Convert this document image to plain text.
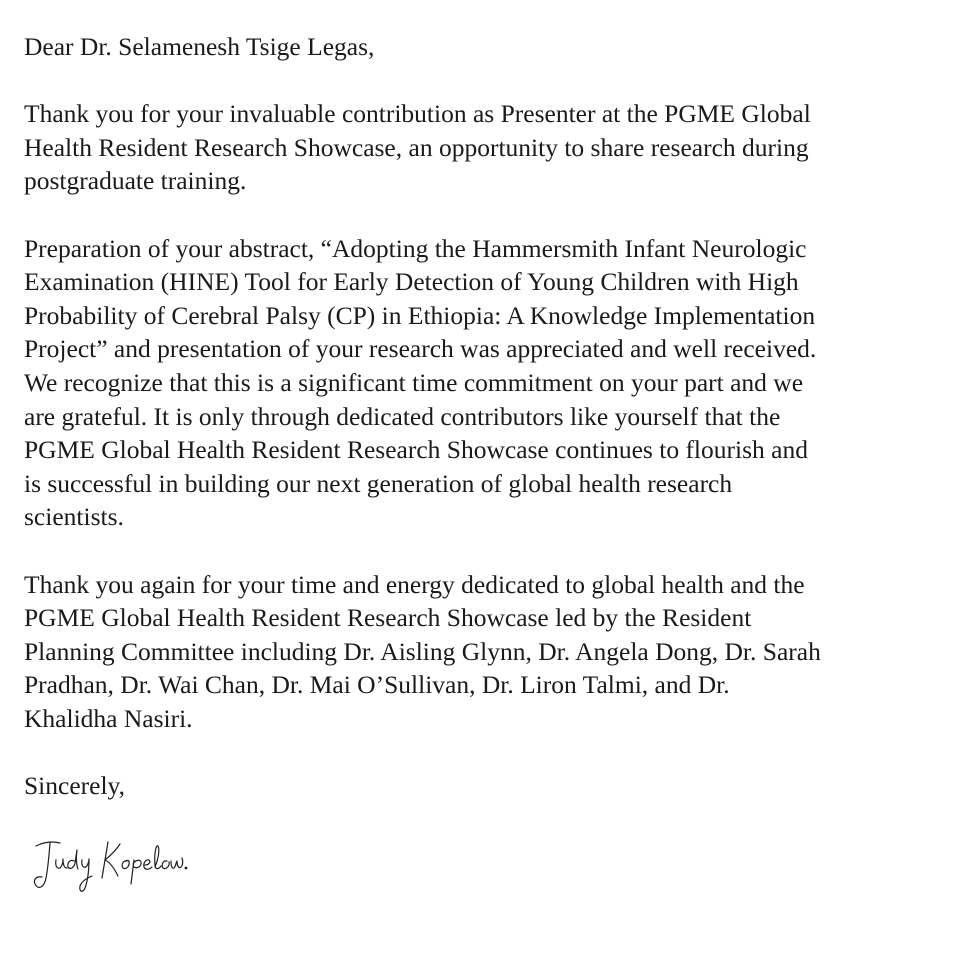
Dear Dr. Selamenesh Tsige Legas,

Thank you for your invaluable contribution as Presenter at the PGME Global

Health Resident Research Showcase, an opportunity to share research during

postgraduate training.

Preparation of your abstract, “Adopting the Hammersmith Infant Neurologic

Examination (HINE) Tool for Early Detection of Young Children with High

Probability of Cerebral Palsy (CP) in Ethiopia: A Knowledge Implementation

Project” and presentation of your research was appreciated and well received.

We recognize that this is a significant time commitment on your part and we

are grateful. It is only through dedicated contributors like yourself that the

PGME Global Health Resident Research Showcase continues to flourish and

is successful in building our next generation of global health research

scientists.

Thank you again for your time and energy dedicated to global health and the

PGME Global Health Resident Research Showcase led by the Resident

Planning Committee including Dr. Aisling Glynn, Dr. Angela Dong, Dr. Sarah

Pradhan, Dr. Wai Chan, Dr. Mai O’Sullivan, Dr. Liron Talmi, and Dr.

Khalidha Nasiri.

Sincerely,
